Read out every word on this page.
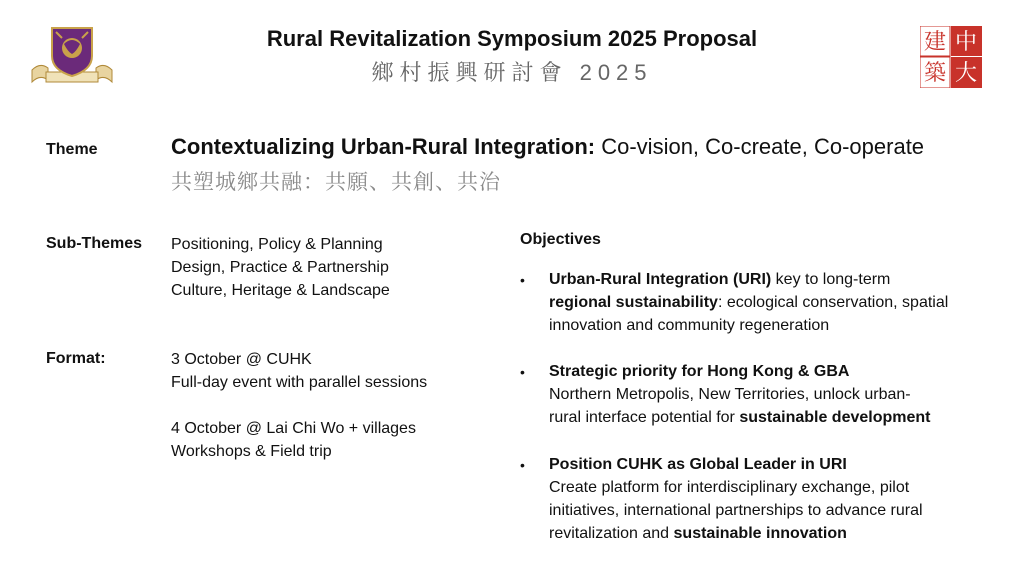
建 中
築 大
Rural Revitalization Symposium 2025 Proposal
鄉村振興研討會 2025
Theme	Contextualizing Urban-Rural Integration: Co-vision, Co-create, Co-operate
共塑城鄉共融：共願、共創、共治
Sub-Themes Positioning, Policy & Planning
Design, Practice & Partnership
Culture, Heritage & Landscape
Format:	3 October @ CUHK
Full-day event with parallel sessions
4 October @ Lai Chi Wo + villages
Workshops & Field trip
Objectives
• Urban-Rural Integration (URI) key to long-term
regional sustainability: ecological conservation, spatial
innovation and community regeneration
• Strategic priority for Hong Kong & GBA
Northern Metropolis, New Territories, unlock urban-
rural interface potential for sustainable development
• Position CUHK as Global Leader in URI
Create platform for interdisciplinary exchange, pilot
initiatives, international partnerships to advance rural
revitalization and sustainable innovation
